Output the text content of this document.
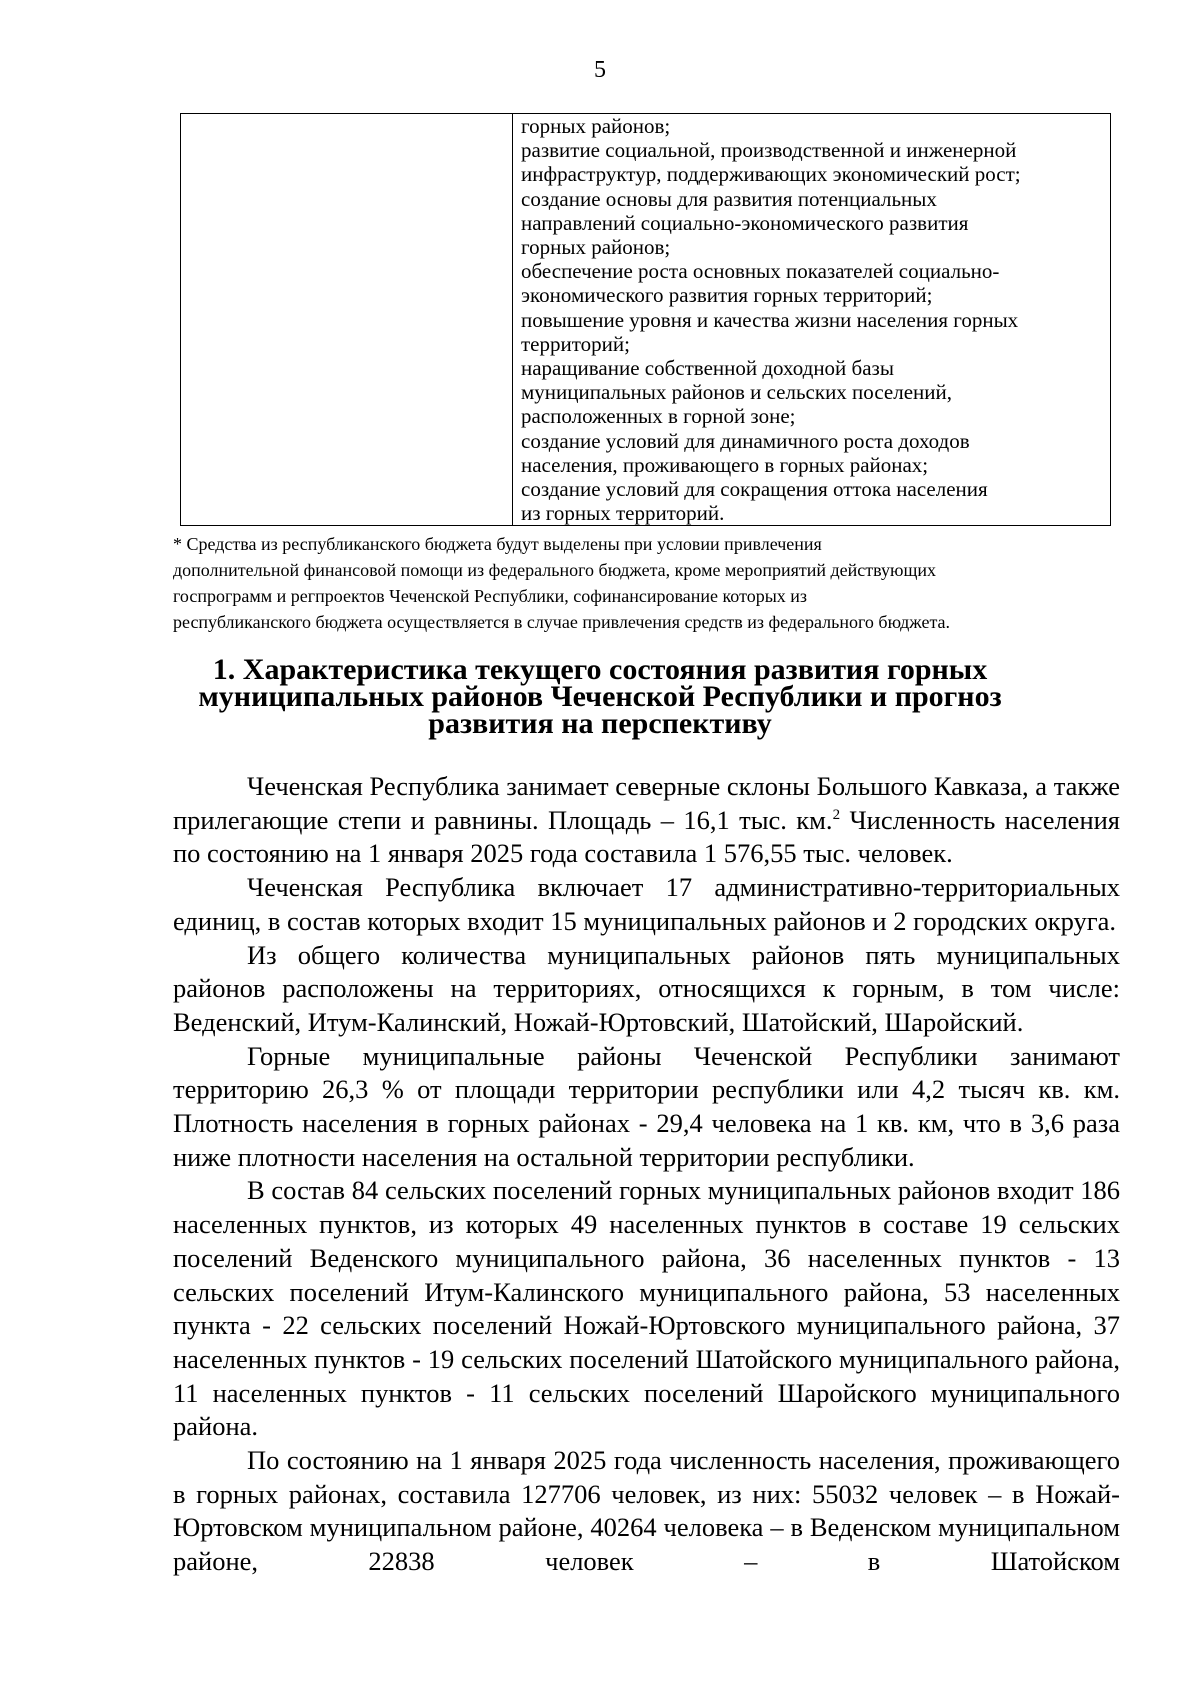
5

горных районов;
развитие социальной, производственной и инженерной
инфраструктур, поддерживающих экономический рост;
создание основы для развития потенциальных
направлений социально-экономического развития
горных районов;
обеспечение роста основных показателей социально-
экономического развития горных территорий;
повышение уровня и качества жизни населения горных
территорий;
наращивание собственной доходной базы
муниципальных районов и сельских поселений,
расположенных в горной зоне;
создание условий для динамичного роста доходов
населения, проживающего в горных районах;
создание условий для сокращения оттока населения
из горных территорий.
* Средства из республиканского бюджета будут выделены при условии привлечения
дополнительной финансовой помощи из федерального бюджета, кроме мероприятий действующих
госпрограмм и регпроектов Чеченской Республики, софинансирование которых из
республиканского бюджета осуществляется в случае привлечения средств из федерального бюджета.
1. Характеристика текущего состояния развития горных
муниципальных районов Чеченской Республики и прогноз
развития на перспективу

Чеченская Республика занимает северные склоны Большого Кавказа, а также прилегающие степи и равнины. Площадь – 16,1 тыс. км.$^2$ Численность населения по состоянию на 1 января 2025 года составила 1 576,55 тыс. человек.

Чеченская Республика включает 17 административно-территориальных единиц, в состав которых входит 15 муниципальных районов и 2 городских округа.

Из общего количества муниципальных районов пять муниципальных районов расположены на территориях, относящихся к горным, в том числе: Веденский, Итум-Калинский, Ножай-Юртовский, Шатойский, Шаройский.

Горные муниципальные районы Чеченской Республики занимают территорию 26,3 % от площади территории республики или 4,2 тысяч кв. км. Плотность населения в горных районах - 29,4 человека на 1 кв. км, что в 3,6 раза ниже плотности населения на остальной территории республики.

В состав 84 сельских поселений горных муниципальных районов входит 186 населенных пунктов, из которых 49 населенных пунктов в составе 19 сельских поселений Веденского муниципального района, 36 населенных пунктов - 13 сельских поселений Итум-Калинского муниципального района, 53 населенных пункта - 22 сельских поселений Ножай-Юртовского муниципального района, 37 населенных пунктов - 19 сельских поселений Шатойского муниципального района, 11 населенных пунктов - 11 сельских поселений Шаройского муниципального района.

По состоянию на 1 января 2025 года численность населения, проживающего в горных районах, составила 127706 человек, из них: 55032 человек – в Ножай-Юртовском муниципальном районе, 40264 человека – в Веденском муниципальном районе, 22838 человек – в Шатойском
